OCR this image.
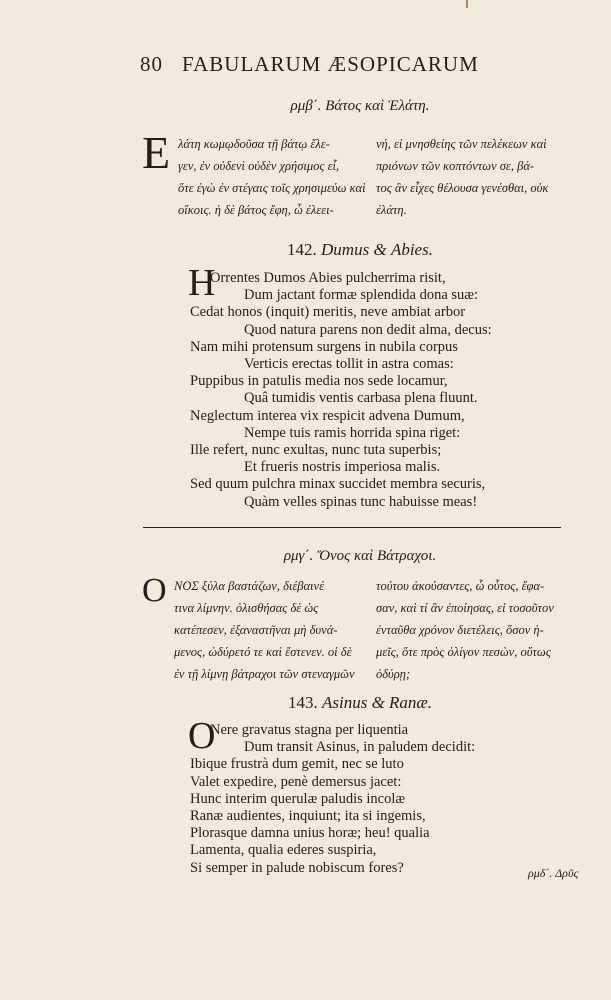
80 FABULARUM ÆSOPICARUM
ρμβ΄. Βάτος καὶ Ἐλάτη.
Ε λάτη κωμῳδοῦσα τῇ βάτῳ ἔλε-
γεν, ἐν οὐδενὶ οὐδὲν χρήσιμος εἶ,
ὅτε ἐγὼ ἐν στέγαις τοῖς χρησιμεύω καὶ
οἴκοις. ἡ δὲ βάτος ἔφη, ὦ ἐλεει-
νή, εἰ μνησθείης τῶν πελέκεων καὶ
πριόνων τῶν κοπτόντων σε, βά-
τος ἂν εἶχες θέλουσα γενέσθαι, οὐκ
ἐλάτη.
142. Dumus & Abies.
H
Orrentes Dumos Abies pulcherrima risit,
Dum jactant formæ splendida dona suæ:
Cedat honos (inquit) meritis, neve ambiat arbor
Quod natura parens non dedit alma, decus:
Nam mihi protensum surgens in nubila corpus
Verticis erectas tollit in astra comas:
Puppibus in patulis media nos sede locamur,
Quâ tumidis ventis carbasa plena fluunt.
Neglectum interea vix respicit advena Dumum,
Nempe tuis ramis horrida spina riget:
Ille refert, nunc exultas, nunc tuta superbis;
Et frueris nostris imperiosa malis.
Sed quum pulchra minax succidet membra securis,
Quàm velles spinas tunc habuisse meas!
ρμγ΄. Ὄνος καὶ Βάτραχοι.
Ο ΝΟΣ ξύλα βαστάζων, διέβαινέ
τινα λίμνην. ὀλισθήσας δὲ ὡς
κατέπεσεν, ἐξαναστῆναι μὴ δυνά-
μενος, ὠδύρετό τε καὶ ἔστενεν. οἱ δὲ
ἐν τῇ λίμνῃ βάτραχοι τῶν στεναγμῶν
τούτου ἀκούσαντες, ὦ οὗτος, ἔφα-
σαν, καὶ τί ἂν ἐποίησας, εἰ τοσοῦτον
ἐνταῦθα χρόνον διετέλεις, ὅσον ἡ-
μεῖς, ὅτε πρὸς ὀλίγον πεσὼν, οὕτως
ὀδύρῃ;
143. Asinus & Ranæ.
O
Nere gravatus stagna per liquentia
Dum transit Asinus, in paludem decidit:
Ibique frustrà dum gemit, nec se luto
Valet expedire, penè demersus jacet:
Hunc interim querulæ paludis incolæ
Ranæ audientes, inquiunt; ita si ingemis,
Plorasque damna unius horæ; heu! qualia
Lamenta, qualia ederes suspiria,
Si semper in palude nobiscum fores?	ρμδ΄. Δρῦς
